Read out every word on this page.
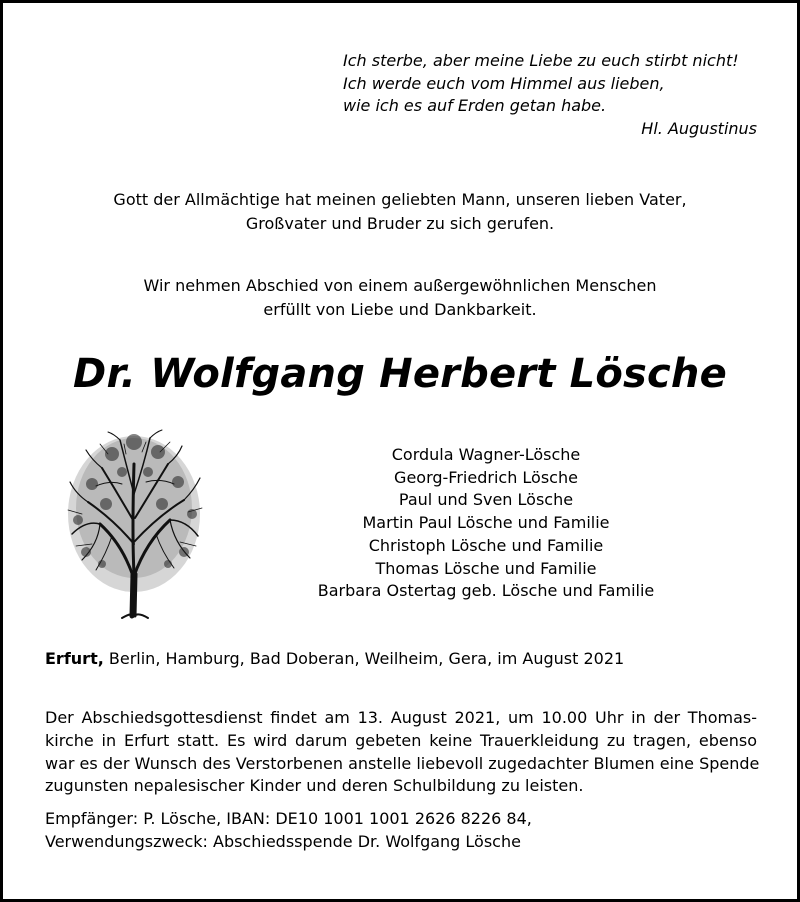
Ich sterbe, aber meine Liebe zu euch stirbt nicht!
Ich werde euch vom Himmel aus lieben,
wie ich es auf Erden getan habe.
Hl. Augustinus
Gott der Allmächtige hat meinen geliebten Mann, unseren lieben Vater,
Großvater und Bruder zu sich gerufen.
Wir nehmen Abschied von einem außergewöhnlichen Menschen
erfüllt von Liebe und Dankbarkeit.
Dr. Wolfgang Herbert Lösche
Cordula Wagner-Lösche
Georg-Friedrich Lösche
Paul und Sven Lösche
Martin Paul Lösche und Familie
Christoph Lösche und Familie
Thomas Lösche und Familie
Barbara Ostertag geb. Lösche und Familie
Erfurt, Berlin, Hamburg, Bad Doberan, Weilheim, Gera, im August 2021
Der Abschiedsgottesdienst findet am 13. August 2021, um 10.00 Uhr in der Thomas-
kirche in Erfurt statt. Es wird darum gebeten keine Trauerkleidung zu tragen, ebenso
war es der Wunsch des Verstorbenen anstelle liebevoll zugedachter Blumen eine Spende
zugunsten nepalesischer Kinder und deren Schulbildung zu leisten.
Empfänger: P. Lösche, IBAN: DE10 1001 1001 2626 8226 84,
Verwendungszweck: Abschiedsspende Dr. Wolfgang Lösche
